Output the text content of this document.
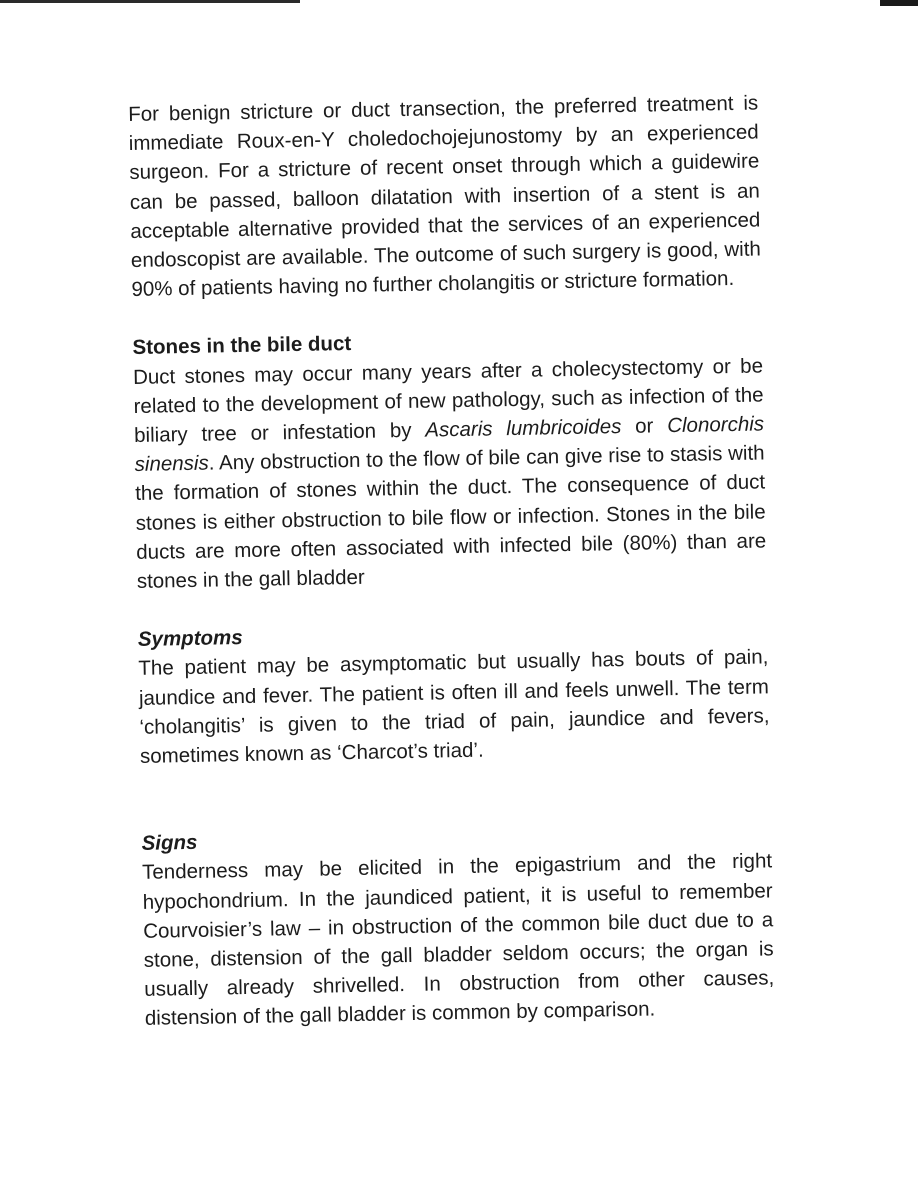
For benign stricture or duct transection, the preferred treatment is immediate Roux-en-Y choledochojejunostomy by an experienced surgeon. For a stricture of recent onset through which a guidewire can be passed, balloon dilatation with insertion of a stent is an acceptable alternative provided that the services of an experienced endoscopist are available. The outcome of such surgery is good, with 90% of patients having no further cholangitis or stricture formation.

Stones in the bile duct

Duct stones may occur many years after a cholecystectomy or be related to the development of new pathology, such as infection of the biliary tree or infestation by Ascaris lumbricoides or Clonorchis sinensis. Any obstruction to the flow of bile can give rise to stasis with the formation of stones within the duct. The consequence of duct stones is either obstruction to bile flow or infection. Stones in the bile ducts are more often associated with infected bile (80%) than are stones in the gall bladder

Symptoms

The patient may be asymptomatic but usually has bouts of pain, jaundice and fever. The patient is often ill and feels unwell. The term ‘cholangitis’ is given to the triad of pain, jaundice and fevers, sometimes known as ‘Charcot’s triad’.

Signs

Tenderness may be elicited in the epigastrium and the right hypochondrium. In the jaundiced patient, it is useful to remember Courvoisier’s law – in obstruction of the common bile duct due to a stone, distension of the gall bladder seldom occurs; the organ is usually already shrivelled. In obstruction from other causes, distension of the gall bladder is common by comparison.
